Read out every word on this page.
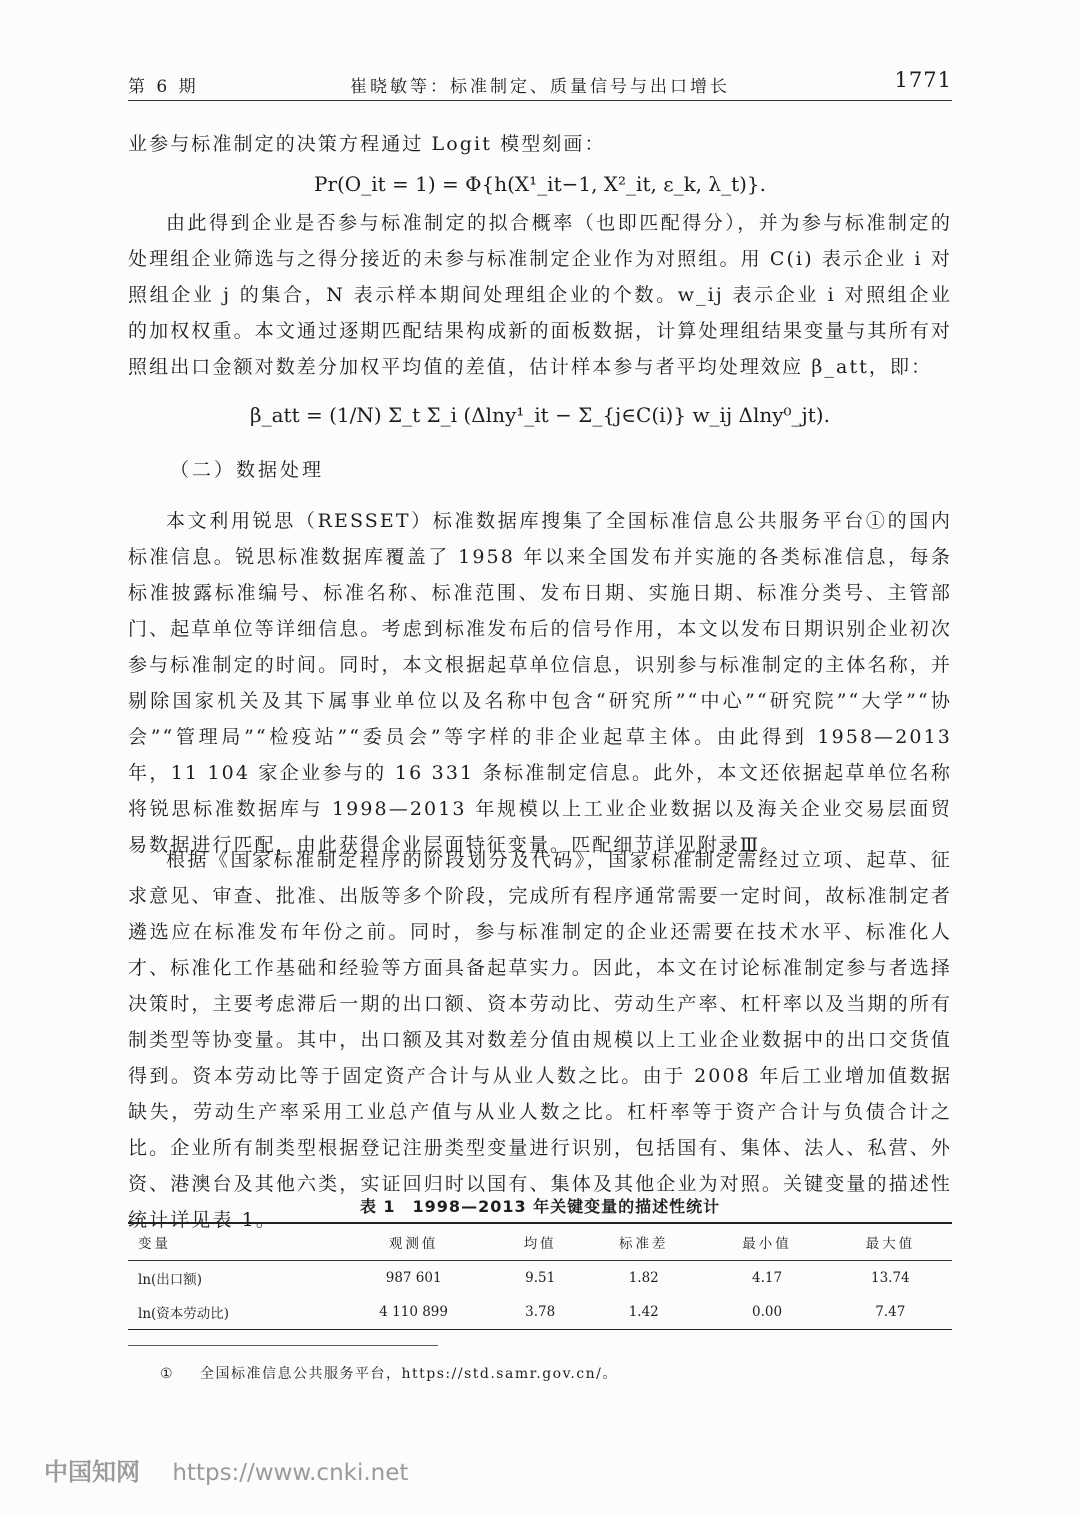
第 6 期	崔晓敏等：标准制定、质量信号与出口增长	1771

业参与标准制定的决策方程通过 Logit 模型刻画：

Pr(O_it = 1) = Φ{h(X¹_it−1, X²_it, ε_k, λ_t)}.

由此得到企业是否参与标准制定的拟合概率（也即匹配得分），并为参与标准制定的处理组企业筛选与之得分接近的未参与标准制定企业作为对照组。用 C(i) 表示企业 i 对照组企业 j 的集合，N 表示样本期间处理组企业的个数。w_ij 表示企业 i 对照组企业的加权权重。本文通过逐期匹配结果构成新的面板数据，计算处理组结果变量与其所有对照组出口金额对数差分加权平均值的差值，估计样本参与者平均处理效应 β_att，即：

β_att = (1/N) Σ_t Σ_i (Δlny¹_it − Σ_{j∈C(i)} w_ij Δlny⁰_jt).
（二）数据处理

本文利用锐思（RESSET）标准数据库搜集了全国标准信息公共服务平台①的国内标准信息。锐思标准数据库覆盖了 1958 年以来全国发布并实施的各类标准信息，每条标准披露标准编号、标准名称、标准范围、发布日期、实施日期、标准分类号、主管部门、起草单位等详细信息。考虑到标准发布后的信号作用，本文以发布日期识别企业初次参与标准制定的时间。同时，本文根据起草单位信息，识别参与标准制定的主体名称，并剔除国家机关及其下属事业单位以及名称中包含“研究所”“中心”“研究院”“大学”“协会”“管理局”“检疫站”“委员会”等字样的非企业起草主体。由此得到 1958—2013 年，11 104 家企业参与的 16 331 条标准制定信息。此外，本文还依据起草单位名称将锐思标准数据库与 1998—2013 年规模以上工业企业数据以及海关企业交易层面贸易数据进行匹配，由此获得企业层面特征变量。匹配细节详见附录Ⅲ。

根据《国家标准制定程序的阶段划分及代码》，国家标准制定需经过立项、起草、征求意见、审查、批准、出版等多个阶段，完成所有程序通常需要一定时间，故标准制定者遴选应在标准发布年份之前。同时，参与标准制定的企业还需要在技术水平、标准化人才、标准化工作基础和经验等方面具备起草实力。因此，本文在讨论标准制定参与者选择决策时，主要考虑滞后一期的出口额、资本劳动比、劳动生产率、杠杆率以及当期的所有制类型等协变量。其中，出口额及其对数差分值由规模以上工业企业数据中的出口交货值得到。资本劳动比等于固定资产合计与从业人数之比。由于 2008 年后工业增加值数据缺失，劳动生产率采用工业总产值与从业人数之比。杠杆率等于资产合计与负债合计之比。企业所有制类型根据登记注册类型变量进行识别，包括国有、集体、法人、私营、外资、港澳台及其他六类，实证回归时以国有、集体及其他企业为对照。关键变量的描述性统计详见表 1。

表 1　1998—2013 年关键变量的描述性统计
变量	观测值	均值	标准差	最小值	最大值
ln(出口额)	987 601	9.51	1.82	4.17	13.74
ln(资本劳动比)	4 110 899	3.78	1.42	0.00	7.47
① 全国标准信息公共服务平台，https://std.samr.gov.cn/。
中国知网 https://www.cnki.net
